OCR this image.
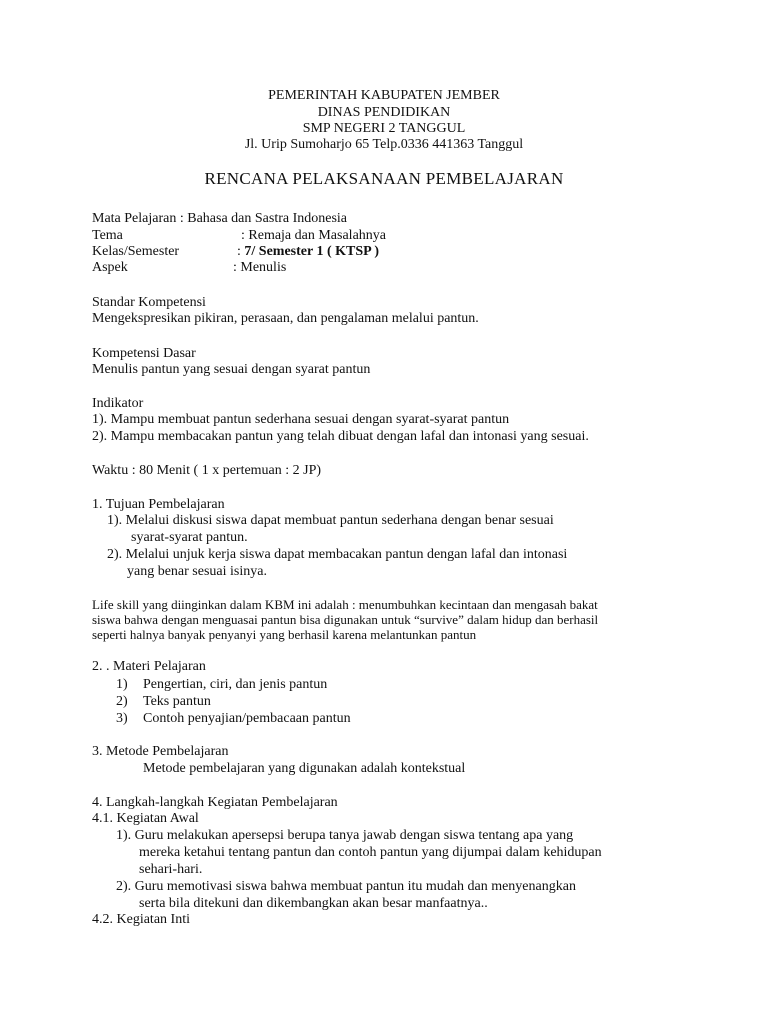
PEMERINTAH KABUPATEN JEMBER
DINAS PENDIDIKAN
SMP NEGERI 2 TANGGUL
Jl. Urip Sumoharjo 65 Telp.0336 441363 Tanggul
RENCANA PELAKSANAAN PEMBELAJARAN
Mata Pelajaran : Bahasa dan Sastra Indonesia
Tema	: Remaja dan Masalahnya
Kelas/Semester	: 7/ Semester 1 ( KTSP )
Aspek	: Menulis
Standar Kompetensi
Mengekspresikan pikiran, perasaan, dan pengalaman melalui pantun.
Kompetensi Dasar
Menulis pantun yang sesuai dengan syarat pantun
Indikator
1). Mampu membuat pantun sederhana sesuai dengan syarat-syarat pantun
2). Mampu membacakan pantun yang telah dibuat dengan lafal dan intonasi yang sesuai.
Waktu : 80 Menit ( 1 x pertemuan : 2 JP)
1. Tujuan Pembelajaran
1). Melalui diskusi siswa dapat membuat pantun sederhana dengan benar sesuai
syarat-syarat pantun.
2). Melalui unjuk kerja siswa dapat membacakan pantun dengan lafal dan intonasi
yang benar sesuai isinya.
Life skill yang diinginkan dalam KBM ini adalah : menumbuhkan kecintaan dan mengasah bakat
siswa bahwa dengan menguasai pantun bisa digunakan untuk “survive” dalam hidup dan berhasil
seperti halnya banyak penyanyi yang berhasil karena melantunkan pantun
2. . Materi Pelajaran
1) Pengertian, ciri, dan jenis pantun
2) Teks pantun
3) Contoh penyajian/pembacaan pantun
3. Metode Pembelajaran
Metode pembelajaran yang digunakan adalah kontekstual
4. Langkah-langkah Kegiatan Pembelajaran
4.1. Kegiatan Awal
1). Guru melakukan apersepsi berupa tanya jawab dengan siswa tentang apa yang
mereka ketahui tentang pantun dan contoh pantun yang dijumpai dalam kehidupan
sehari-hari.
2). Guru memotivasi siswa bahwa membuat pantun itu mudah dan menyenangkan
serta bila ditekuni dan dikembangkan akan besar manfaatnya..
4.2. Kegiatan Inti
